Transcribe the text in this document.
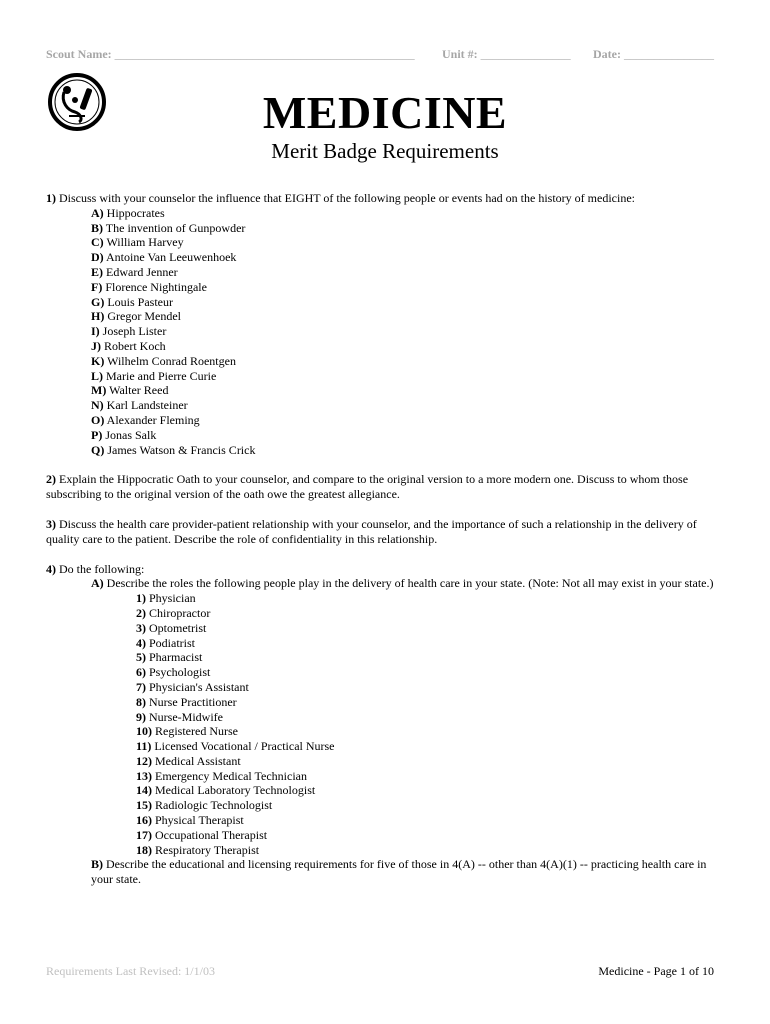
Scout Name: __________________________________________________ Unit #: _______________ Date: _______________
MEDICINE
Merit Badge Requirements

1) Discuss with your counselor the influence that EIGHT of the following people or events had on the history of medicine:

A) Hippocrates
B) The invention of Gunpowder
C) William Harvey
D) Antoine Van Leeuwenhoek
E) Edward Jenner
F) Florence Nightingale
G) Louis Pasteur
H) Gregor Mendel
I) Joseph Lister
J) Robert Koch
K) Wilhelm Conrad Roentgen
L) Marie and Pierre Curie
M) Walter Reed
N) Karl Landsteiner
O) Alexander Fleming
P) Jonas Salk
Q) James Watson & Francis Crick

2) Explain the Hippocratic Oath to your counselor, and compare to the original version to a more modern one. Discuss to whom those subscribing to the original version of the oath owe the greatest allegiance.

3) Discuss the health care provider-patient relationship with your counselor, and the importance of such a relationship in the delivery of quality care to the patient. Describe the role of confidentiality in this relationship.

4) Do the following:

A) Describe the roles the following people play in the delivery of health care in your state. (Note: Not all may exist in your state.)

1) Physician
2) Chiropractor
3) Optometrist
4) Podiatrist
5) Pharmacist
6) Psychologist
7) Physician's Assistant
8) Nurse Practitioner
9) Nurse-Midwife
10) Registered Nurse
11) Licensed Vocational / Practical Nurse
12) Medical Assistant
13) Emergency Medical Technician
14) Medical Laboratory Technologist
15) Radiologic Technologist
16) Physical Therapist
17) Occupational Therapist
18) Respiratory Therapist

B) Describe the educational and licensing requirements for five of those in 4(A) -- other than 4(A)(1) -- practicing health care in your state.

Requirements Last Revised: 1/1/03	Medicine - Page 1 of 10
